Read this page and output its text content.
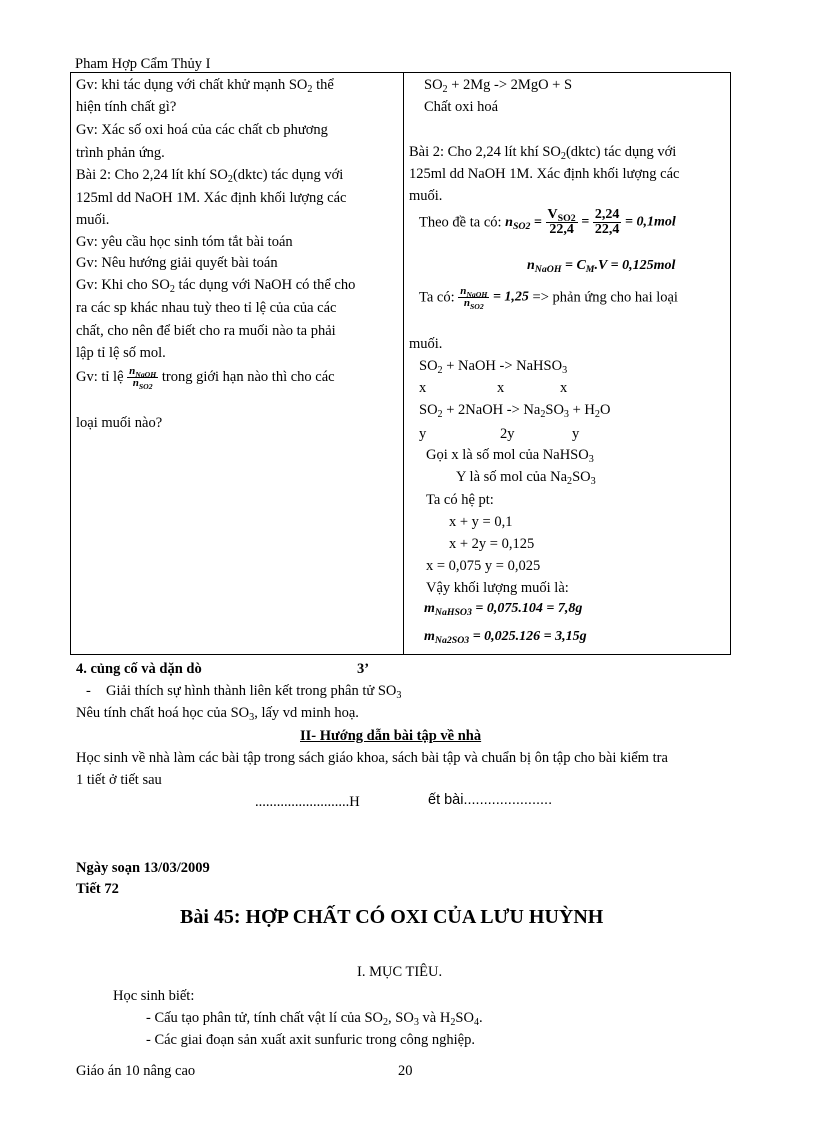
Pham Hợp Cẩm Thủy I
Gv: khi tác dụng với chất khử mạnh $SO_2$ thể
hiện tính chất gì?
Gv: Xác số oxi hoá của các chất cb phương
trình phản ứng.
Bài 2: Cho 2,24 lít khí $SO_2(dktc)$ tác dụng với
125ml dd NaOH 1M. Xác định khối lượng các
muối.
Gv: yêu cầu học sinh tóm tắt bài toán
Gv: Nêu hướng giải quyết bài toán
Gv: Khi cho $SO_2$ tác dụng với NaOH có thể cho
ra các sp khác nhau tuỳ theo tỉ lệ của của các
chất, cho nên để biết cho ra muối nào ta phải
lập tỉ lệ số mol.
Gv: tỉ lệ $\frac{n_{NaOH}}{n_{SO2}}$ trong giới hạn nào thì cho các
loại muối nào?
$SO_2 + 2Mg -> 2MgO + S$
Chất oxi hoá
Bài 2: Cho 2,24 lít khí $SO_2(dktc)$ tác dụng với
125ml dd NaOH 1M. Xác định khối lượng các
muối.
Theo đề ta có: $n_{SO2} = \frac{V_{SO2}}{22,4} = \frac{2,24}{22,4} = 0,1mol$
$n_{NaOH} = C_M.V = 0,125mol$
Ta có: $\frac{n_{NaOH}}{n_{SO2}} = 1,25$ => phản ứng cho hai loại
muối.
$SO_2$ + NaOH -> NaHSO$_3$
x	x	x
$SO_2$ + 2NaOH -> $Na_2SO_3 + H_2O$
y	2y	y
Gọi x là số mol của NaHSO$_3$
Y là số mol của $Na_2SO_3$
Ta có hệ pt:
x + y = 0,1
x + 2y = 0,125
x = 0,075 y = 0,025
Vậy khối lượng muối là:
$m_{NaHSO3} = 0,075.104 = 7,8g$
$m_{Na2SO3} = 0,025.126 = 3,15g$
4. củng cố và dặn dò	3’
- Giải thích sự hình thành liên kết trong phân tử $SO_3$
Nêu tính chất hoá học của $SO_3$, lấy vd minh hoạ.
II- Hướng dẫn bài tập về nhà
Học sinh về nhà làm các bài tập trong sách giáo khoa, sách bài tập và chuẩn bị ôn tập cho bài kiểm tra
1 tiết ở tiết sau
..........................H	ết bài......................
Ngày soạn 13/03/2009
Tiết 72
Bài 45: HỢP CHẤT CÓ OXI CỦA LƯU HUỲNH
I. MỤC TIÊU.
Học sinh biết:
- Cấu tạo phân tử, tính chất vật lí của $SO_2$, $SO_3$ và $H_2SO_4$.
- Các giai đoạn sản xuất axit sunfuric trong công nghiệp.
Giáo án 10 nâng cao	20
